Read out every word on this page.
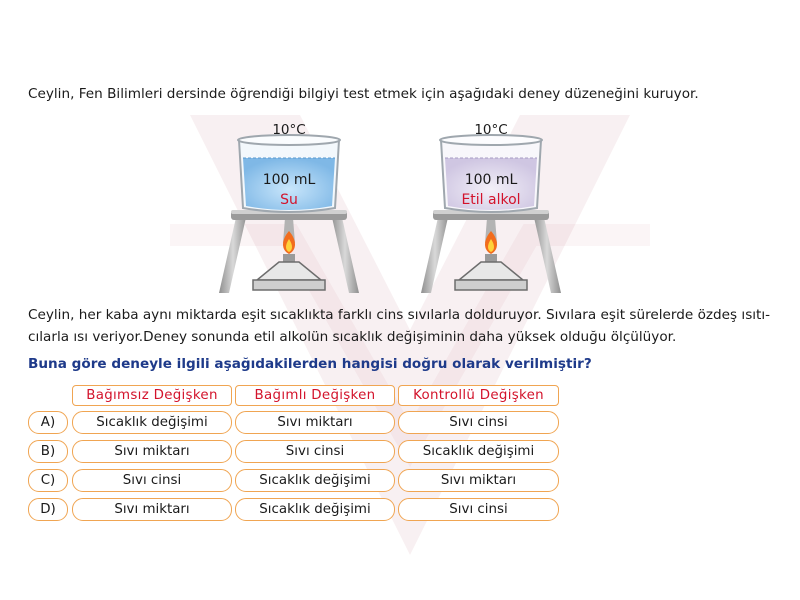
Ceylin, Fen Bilimleri dersinde öğrendiği bilgiyi test etmek için aşağıdaki deney düzeneğini kuruyor.
10°C
100 mL
Su
10°C
100 mL
Etil alkol

Ceylin, her kaba aynı miktarda eşit sıcaklıkta farklı cins sıvılarla dolduruyor. Sıvılara eşit sürelerde özdeş ısıtı-

cılarla ısı veriyor.Deney sonunda etil alkolün sıcaklık değişiminin daha yüksek olduğu ölçülüyor.

Buna göre deneyle ilgili aşağıdakilerden hangisi doğru olarak verilmiştir?
Bağımsız Değişken	Bağımlı Değişken	Kontrollü Değişken
A)	Sıcaklık değişimi	Sıvı miktarı	Sıvı cinsi
B)	Sıvı miktarı	Sıvı cinsi	Sıcaklık değişimi
C)	Sıvı cinsi	Sıcaklık değişimi	Sıvı miktarı
D)	Sıvı miktarı	Sıcaklık değişimi	Sıvı cinsi
